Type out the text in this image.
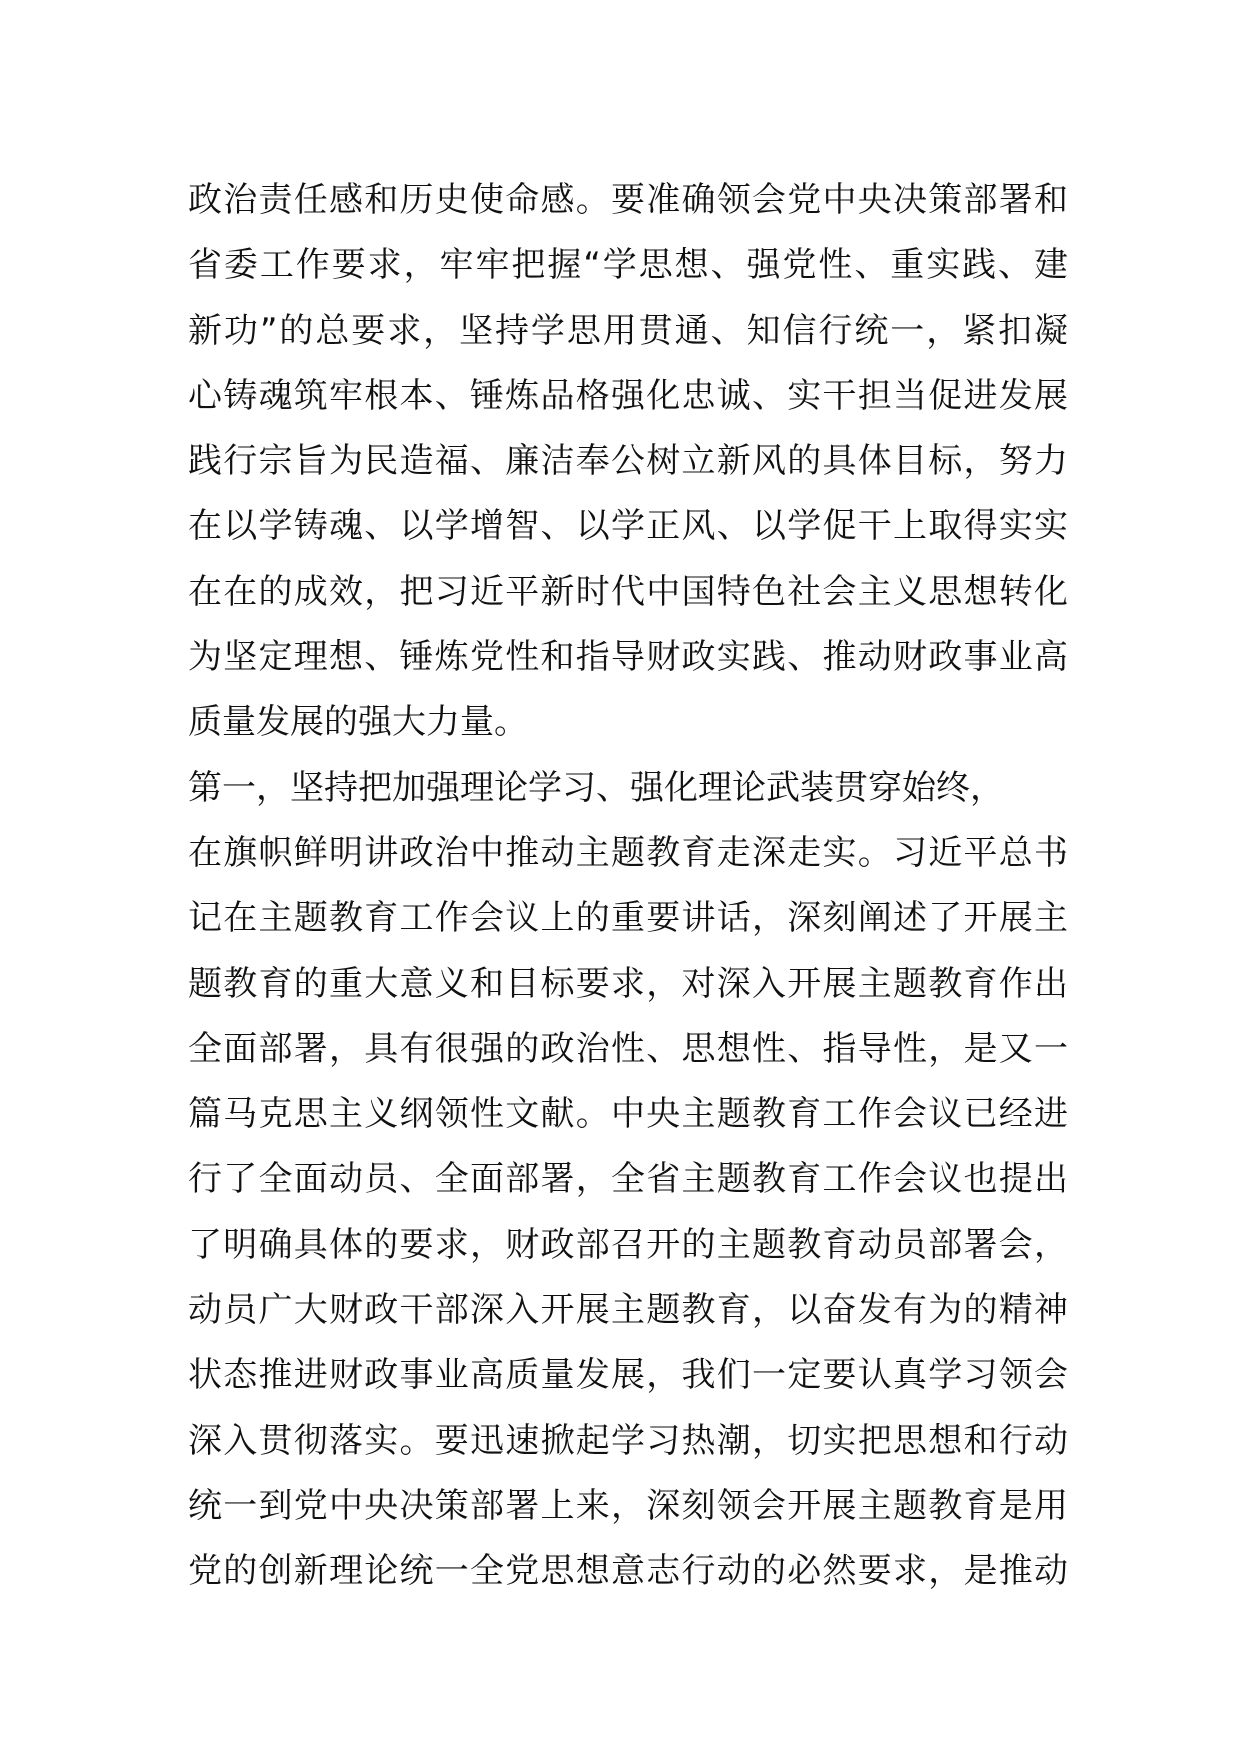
政治责任感和历史使命感。要准确领会党中央决策部署和
省委工作要求，牢牢把握“学思想、强党性、重实践、建
新功”的总要求，坚持学思用贯通、知信行统一，紧扣凝
心铸魂筑牢根本、锤炼品格强化忠诚、实干担当促进发展
践行宗旨为民造福、廉洁奉公树立新风的具体目标，努力
在以学铸魂、以学增智、以学正风、以学促干上取得实实
在在的成效，把习近平新时代中国特色社会主义思想转化
为坚定理想、锤炼党性和指导财政实践、推动财政事业高
质量发展的强大力量。
第一，坚持把加强理论学习、强化理论武装贯穿始终，
在旗帜鲜明讲政治中推动主题教育走深走实。习近平总书
记在主题教育工作会议上的重要讲话，深刻阐述了开展主
题教育的重大意义和目标要求，对深入开展主题教育作出
全面部署，具有很强的政治性、思想性、指导性，是又一
篇马克思主义纲领性文献。中央主题教育工作会议已经进
行了全面动员、全面部署，全省主题教育工作会议也提出
了明确具体的要求，财政部召开的主题教育动员部署会，
动员广大财政干部深入开展主题教育，以奋发有为的精神
状态推进财政事业高质量发展，我们一定要认真学习领会
深入贯彻落实。要迅速掀起学习热潮，切实把思想和行动
统一到党中央决策部署上来，深刻领会开展主题教育是用
党的创新理论统一全党思想意志行动的必然要求，是推动
